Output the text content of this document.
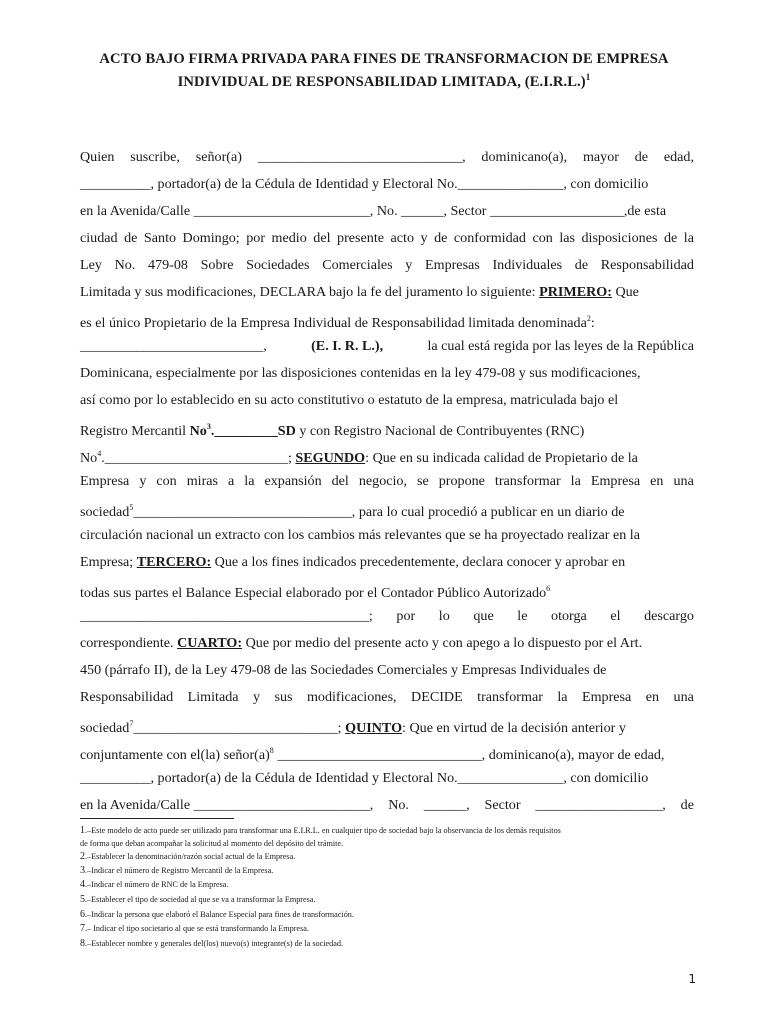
ACTO BAJO FIRMA PRIVADA PARA FINES DE TRANSFORMACION DE EMPRESA
INDIVIDUAL DE RESPONSABILIDAD LIMITADA, $(E.I.R.L.)^1$
Quien suscribe, señor(a) _____________________________, dominicano(a), mayor de edad,
__________, portador(a) de la Cédula de Identidad y Electoral No._______________, con domicilio
en la Avenida/Calle _________________________, No. ______, Sector ___________________,de esta
ciudad de Santo Domingo; por medio del presente acto y de conformidad con las disposiciones de la
Ley No. 479-08 Sobre Sociedades Comerciales y Empresas Individuales de Responsabilidad
Limitada y sus modificaciones, DECLARA bajo la fe del juramento lo siguiente: PRIMERO: Que
es el único Propietario de la Empresa Individual de Responsabilidad limitada denominada$^2$:
__________________________,	(E. I. R. L.),	la cual está regida por las leyes de la República
Dominicana, especialmente por las disposiciones contenidas en la ley 479-08 y sus modificaciones,
así como por lo establecido en su acto constitutivo o estatuto de la empresa, matriculada bajo el
Registro Mercantil No$^3$._________SD y con Registro Nacional de Contribuyentes (RNC)
No$^4$.__________________________; SEGUNDO: Que en su indicada calidad de Propietario de la
Empresa y con miras a la expansión del negocio, se propone transformar la Empresa en una
sociedad$^5$_______________________________, para lo cual procedió a publicar en un diario de
circulación nacional un extracto con los cambios más relevantes que se ha proyectado realizar en la
Empresa; TERCERO: Que a los fines indicados precedentemente, declara conocer y aprobar en
todas sus partes el Balance Especial elaborado por el Contador Público Autorizado$^6$
_________________________________________; por lo que le otorga el descargo
correspondiente. CUARTO: Que por medio del presente acto y con apego a lo dispuesto por el Art.
450 (párrafo II), de la Ley 479-08 de las Sociedades Comerciales y Empresas Individuales de
Responsabilidad Limitada y sus modificaciones, DECIDE transformar la Empresa en una
sociedad$^7$_____________________________; QUINTO: Que en virtud de la decisión anterior y
conjuntamente con el(la) $señor(a)^8$ _____________________________, dominicano(a), mayor de edad,
__________, portador(a) de la Cédula de Identidad y Electoral No._______________, con domicilio
en la Avenida/Calle _________________________, No. ______, Sector __________________, de
1.–Este modelo de acto puede ser utilizado para transformar una E.I.R.L. en cualquier tipo de sociedad bajo la observancia de los demás requisitos
de forma que deban acompañar la solicitud al momento del depósito del trámite.
2.–Establecer la denominación/razón social actual de la Empresa.
3.–Indicar el número de Registro Mercantil de la Empresa.
4.–Indicar el número de RNC de la Empresa.
5.–Establecer el tipo de sociedad al que se va a transformar la Empresa.
6.–Indicar la persona que elaboró el Balance Especial para fines de transformación.
7.– Indicar el tipo societario al que se está transformando la Empresa.
8.–Establecer nombre y generales del(los) nuevo(s) integrante(s) de la sociedad.
1
